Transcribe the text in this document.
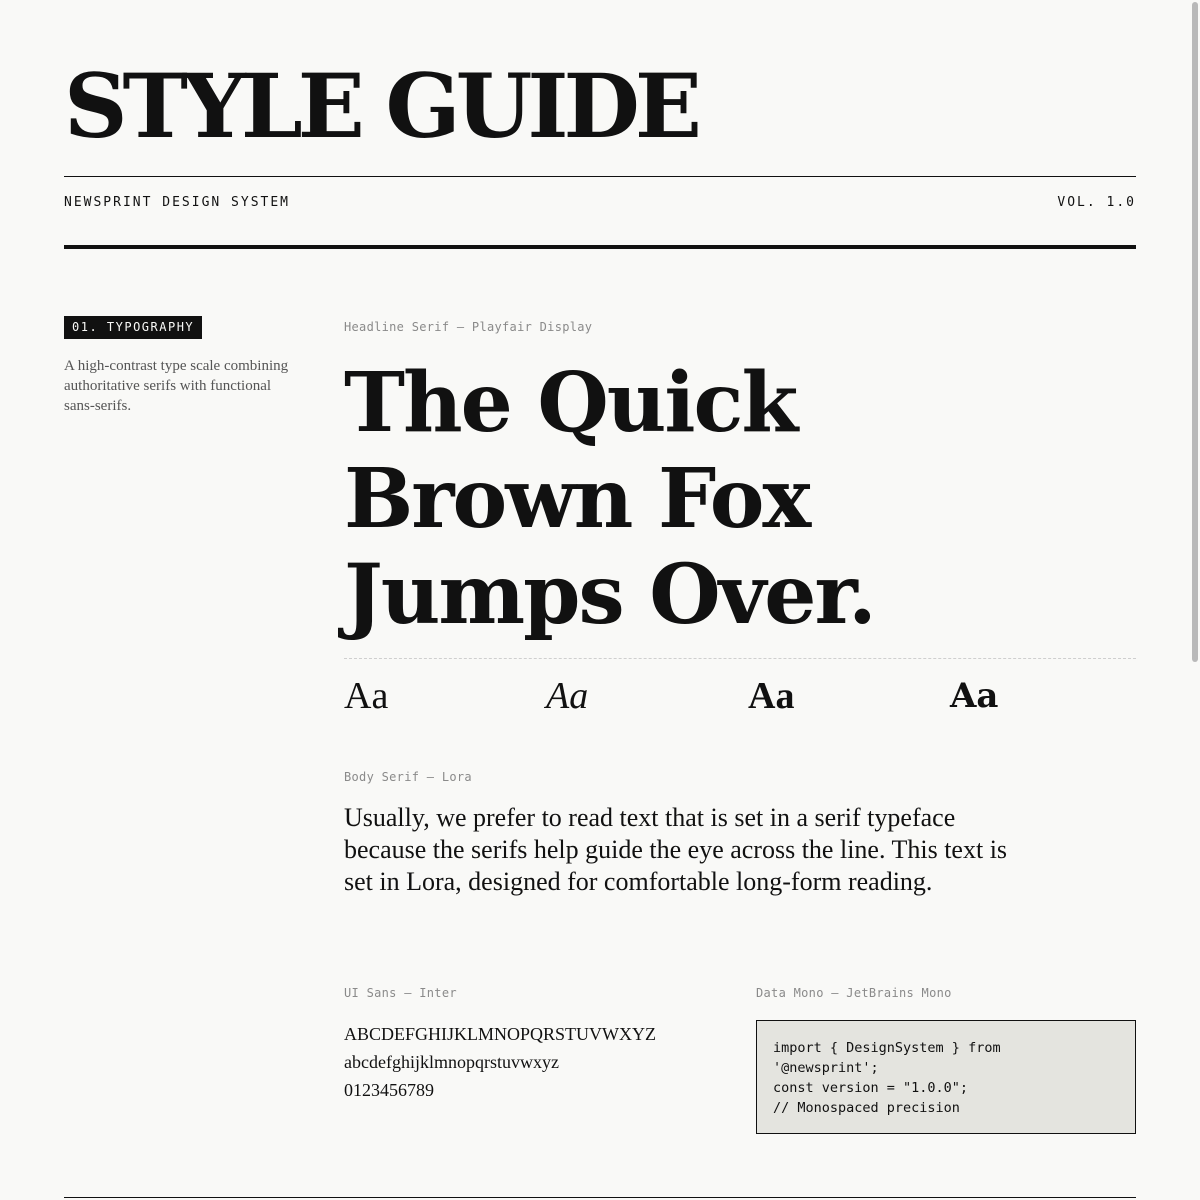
STYLE GUIDE
NEWSPRINT DESIGN SYSTEM	VOL. 1.0
01. TYPOGRAPHY

A high-contrast type scale combining authoritative serifs with functional sans-serifs.

Headline Serif — Playfair Display
The Quick
Brown Fox
Jumps Over.
Aa	Aa	Aa	Aa
Body Serif — Lora

Usually, we prefer to read text that is set in a serif typeface because the serifs help guide the eye across the line. This text is set in Lora, designed for comfortable long-form reading.

UI Sans — Inter
ABCDEFGHIJKLMNOPQRSTUVWXYZ
abcdefghijklmnopqrstuvwxyz
0123456789
Data Mono — JetBrains Mono
import { DesignSystem } from
'@newsprint';
const version = "1.0.0";
// Monospaced precision
